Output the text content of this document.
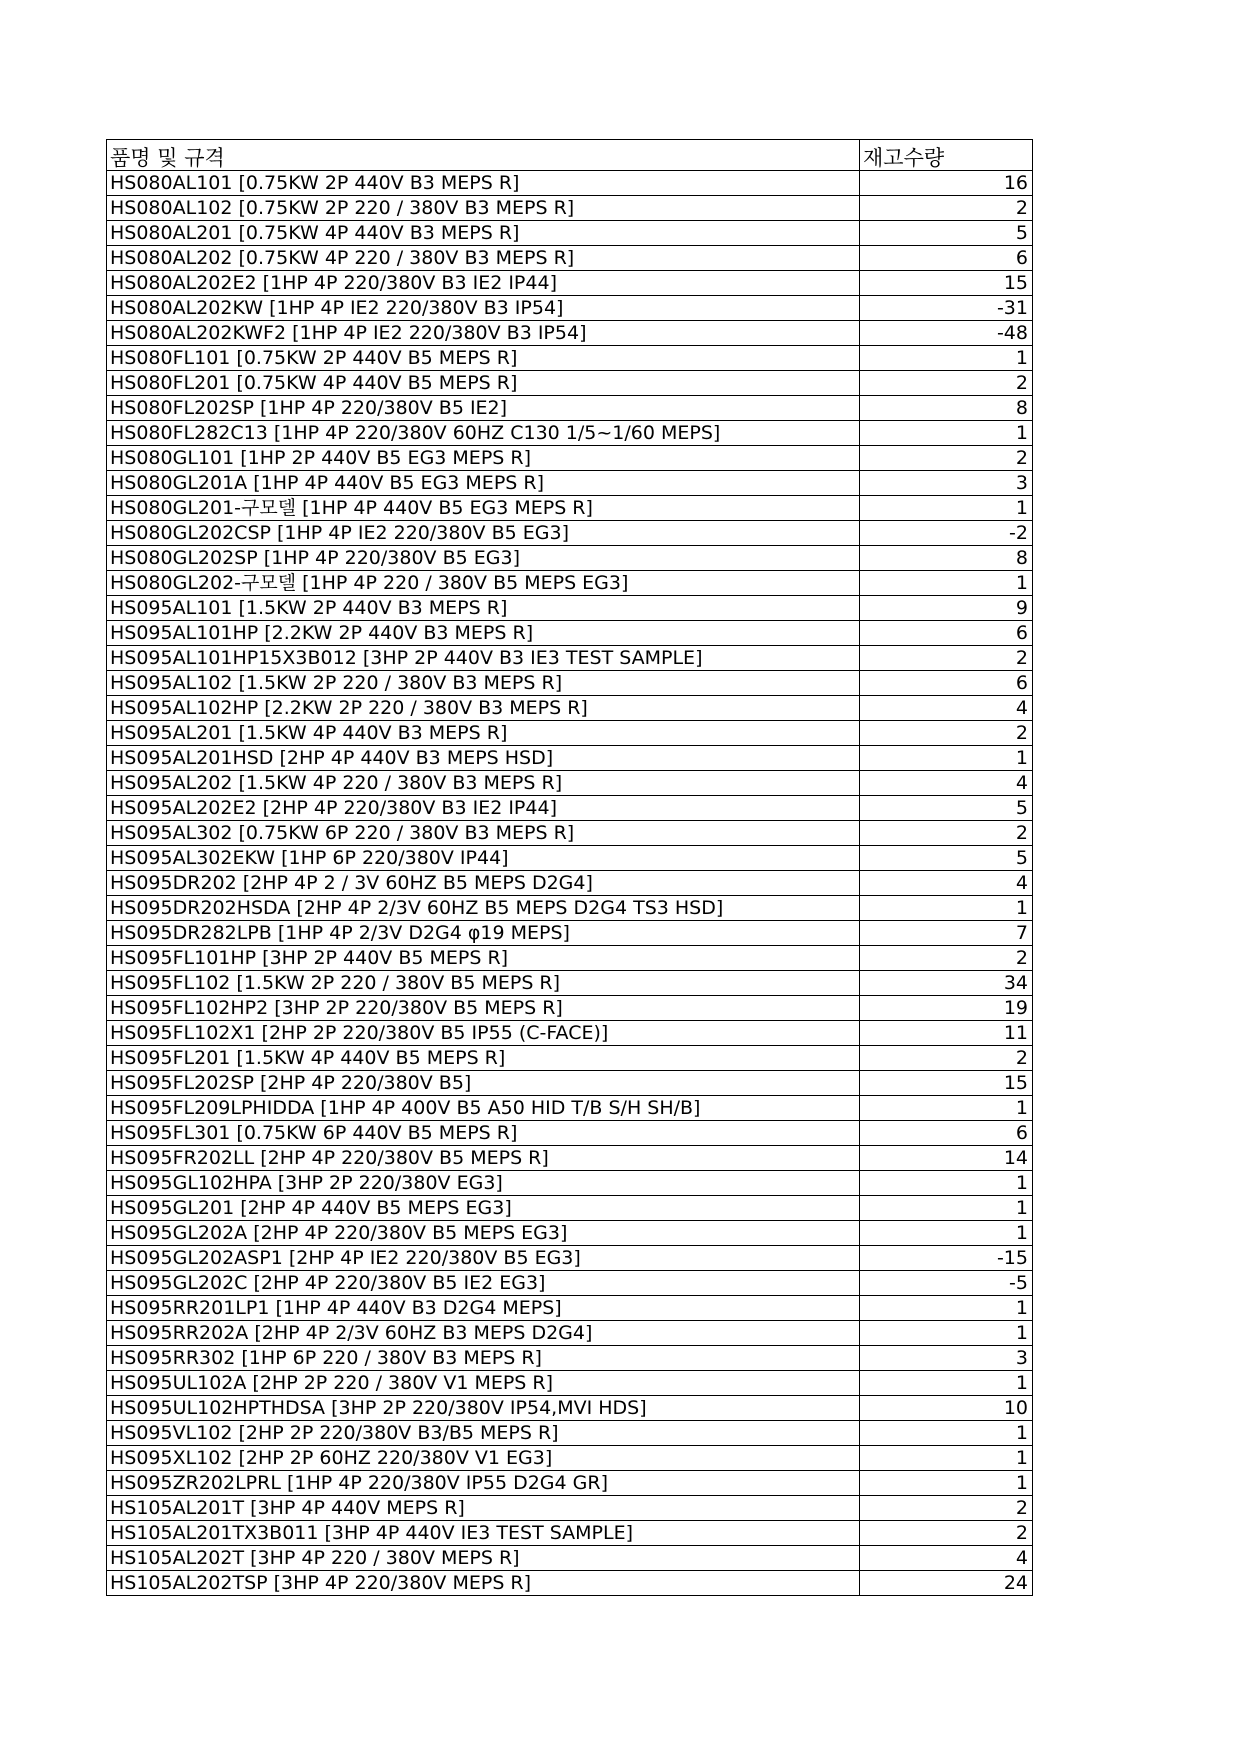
품명 및 규격	재고수량
HS080AL101 [0.75KW 2P 440V B3 MEPS R]	16
HS080AL102 [0.75KW 2P 220 / 380V B3 MEPS R]	2
HS080AL201 [0.75KW 4P 440V B3 MEPS R]	5
HS080AL202 [0.75KW 4P 220 / 380V B3 MEPS R]	6
HS080AL202E2 [1HP 4P 220/380V B3 IE2 IP44]	15
HS080AL202KW [1HP 4P IE2 220/380V B3 IP54]	-31
HS080AL202KWF2 [1HP 4P IE2 220/380V B3 IP54]	-48
HS080FL101 [0.75KW 2P 440V B5 MEPS R]	1
HS080FL201 [0.75KW 4P 440V B5 MEPS R]	2
HS080FL202SP [1HP 4P 220/380V B5 IE2]	8
HS080FL282C13 [1HP 4P 220/380V 60HZ C130 1/5~1/60 MEPS]	1
HS080GL101 [1HP 2P 440V B5 EG3 MEPS R]	2
HS080GL201A [1HP 4P 440V B5 EG3 MEPS R]	3
HS080GL201-구모델 [1HP 4P 440V B5 EG3 MEPS R]	1
HS080GL202CSP [1HP 4P IE2 220/380V B5 EG3]	-2
HS080GL202SP [1HP 4P 220/380V B5 EG3]	8
HS080GL202-구모델 [1HP 4P 220 / 380V B5 MEPS EG3]	1
HS095AL101 [1.5KW 2P 440V B3 MEPS R]	9
HS095AL101HP [2.2KW 2P 440V B3 MEPS R]	6
HS095AL101HP15X3B012 [3HP 2P 440V B3 IE3 TEST SAMPLE]	2
HS095AL102 [1.5KW 2P 220 / 380V B3 MEPS R]	6
HS095AL102HP [2.2KW 2P 220 / 380V B3 MEPS R]	4
HS095AL201 [1.5KW 4P 440V B3 MEPS R]	2
HS095AL201HSD [2HP 4P 440V B3 MEPS HSD]	1
HS095AL202 [1.5KW 4P 220 / 380V B3 MEPS R]	4
HS095AL202E2 [2HP 4P 220/380V B3 IE2 IP44]	5
HS095AL302 [0.75KW 6P 220 / 380V B3 MEPS R]	2
HS095AL302EKW [1HP 6P 220/380V IP44]	5
HS095DR202 [2HP 4P 2 / 3V 60HZ B5 MEPS D2G4]	4
HS095DR202HSDA [2HP 4P 2/3V 60HZ B5 MEPS D2G4 TS3 HSD]	1
HS095DR282LPB [1HP 4P 2/3V D2G4 φ19 MEPS]	7
HS095FL101HP [3HP 2P 440V B5 MEPS R]	2
HS095FL102 [1.5KW 2P 220 / 380V B5 MEPS R]	34
HS095FL102HP2 [3HP 2P 220/380V B5 MEPS R]	19
HS095FL102X1 [2HP 2P 220/380V B5 IP55 (C-FACE)]	11
HS095FL201 [1.5KW 4P 440V B5 MEPS R]	2
HS095FL202SP [2HP 4P 220/380V B5]	15
HS095FL209LPHIDDA [1HP 4P 400V B5 A50 HID T/B S/H SH/B]	1
HS095FL301 [0.75KW 6P 440V B5 MEPS R]	6
HS095FR202LL [2HP 4P 220/380V B5 MEPS R]	14
HS095GL102HPA [3HP 2P 220/380V EG3]	1
HS095GL201 [2HP 4P 440V B5 MEPS EG3]	1
HS095GL202A [2HP 4P 220/380V B5 MEPS EG3]	1
HS095GL202ASP1 [2HP 4P IE2 220/380V B5 EG3]	-15
HS095GL202C [2HP 4P 220/380V B5 IE2 EG3]	-5
HS095RR201LP1 [1HP 4P 440V B3 D2G4 MEPS]	1
HS095RR202A [2HP 4P 2/3V 60HZ B3 MEPS D2G4]	1
HS095RR302 [1HP 6P 220 / 380V B3 MEPS R]	3
HS095UL102A [2HP 2P 220 / 380V V1 MEPS R]	1
HS095UL102HPTHDSA [3HP 2P 220/380V IP54,MVI HDS]	10
HS095VL102 [2HP 2P 220/380V B3/B5 MEPS R]	1
HS095XL102 [2HP 2P 60HZ 220/380V V1 EG3]	1
HS095ZR202LPRL [1HP 4P 220/380V IP55 D2G4 GR]	1
HS105AL201T [3HP 4P 440V MEPS R]	2
HS105AL201TX3B011 [3HP 4P 440V IE3 TEST SAMPLE]	2
HS105AL202T [3HP 4P 220 / 380V MEPS R]	4
HS105AL202TSP [3HP 4P 220/380V MEPS R]	24
